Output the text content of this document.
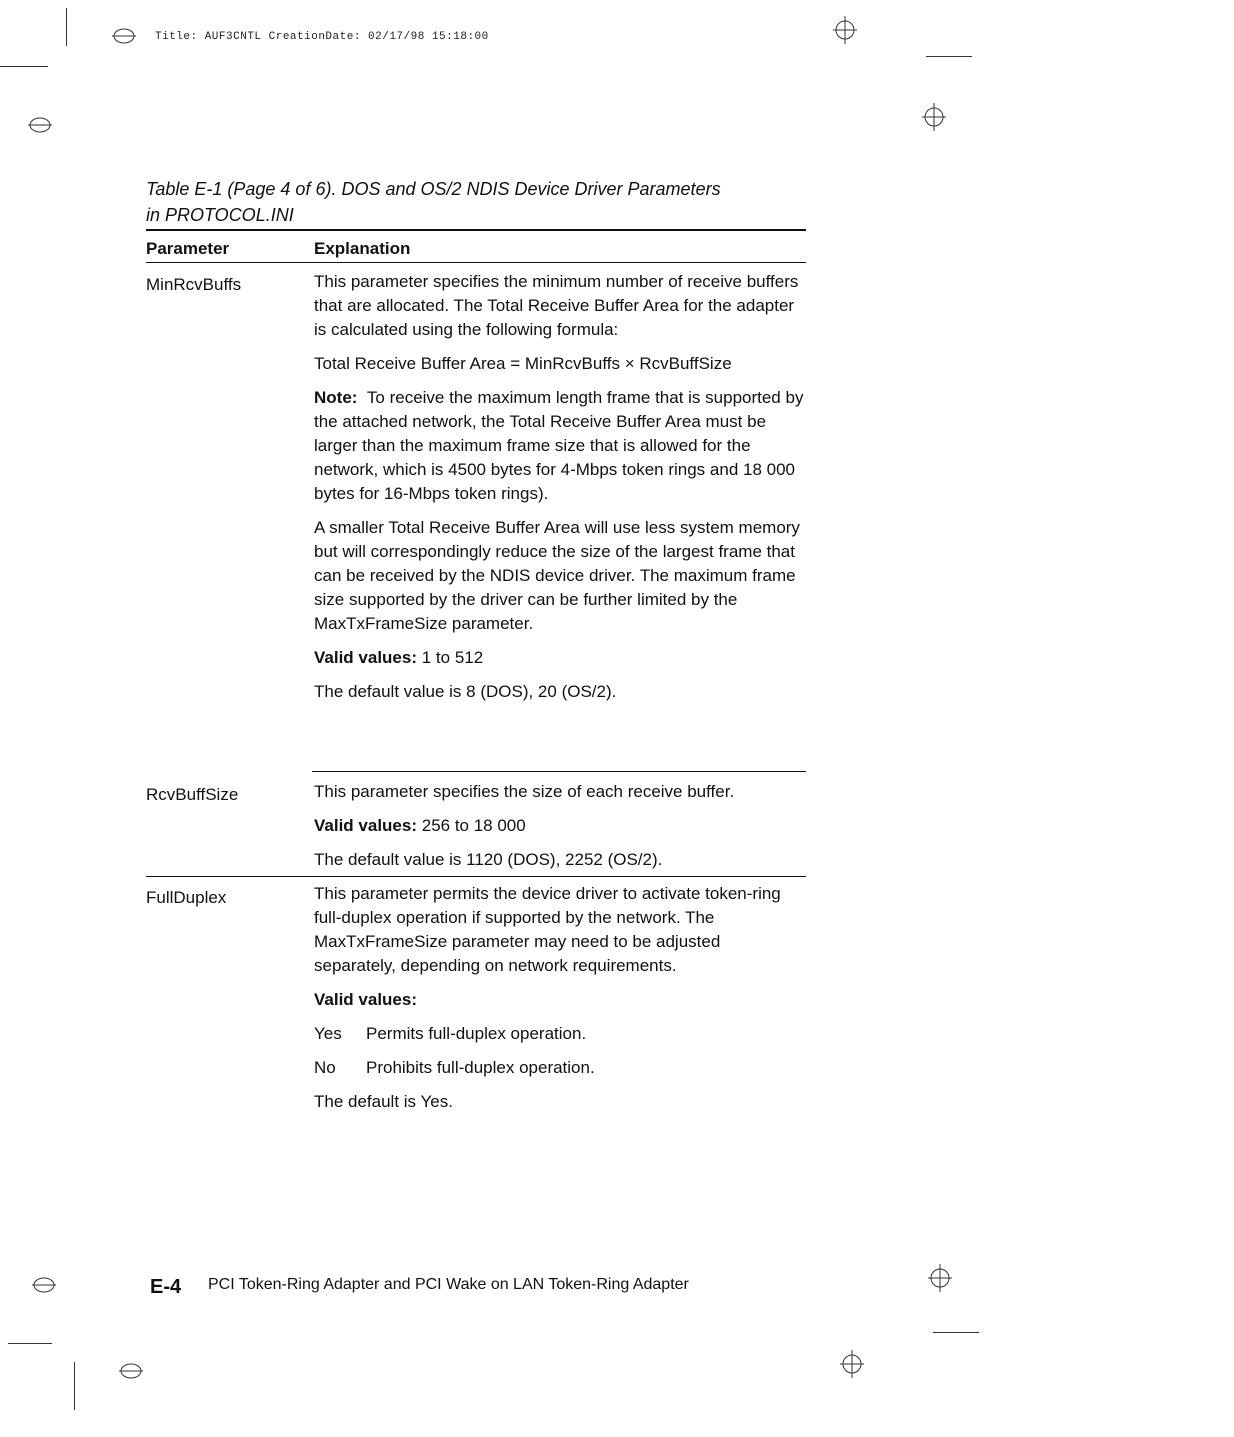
Title: AUF3CNTL CreationDate: 02/17/98 15:18:00
Table E-1 (Page 4 of 6). DOS and OS/2 NDIS Device Driver Parameters
in PROTOCOL.INI
Parameter	Explanation
MinRcvBuffs	This parameter specifies the minimum number of receive buffers that are allocated. The Total Receive Buffer Area for the adapter is calculated using the following formula:

Total Receive Buffer Area = MinRcvBuffs × RcvBuffSize

Note: To receive the maximum length frame that is supported by the attached network, the Total Receive Buffer Area must be larger than the maximum frame size that is allowed for the network, which is 4500 bytes for 4-Mbps token rings and 18 000 bytes for 16-Mbps token rings).

A smaller Total Receive Buffer Area will use less system memory but will correspondingly reduce the size of the largest frame that can be received by the NDIS device driver. The maximum frame size supported by the driver can be further limited by the MaxTxFrameSize parameter.

Valid values: 1 to 512

The default value is 8 (DOS), 20 (OS/2).

RcvBuffSize	This parameter specifies the size of each receive buffer.

Valid values: 256 to 18 000

The default value is 1120 (DOS), 2252 (OS/2).

FullDuplex	This parameter permits the device driver to activate token-ring full-duplex operation if supported by the network. The MaxTxFrameSize parameter may need to be adjusted separately, depending on network requirements.

Valid values:

Yes	Permits full-duplex operation.

No	Prohibits full-duplex operation.

The default is Yes.

E-4 PCI Token-Ring Adapter and PCI Wake on LAN Token-Ring Adapter
